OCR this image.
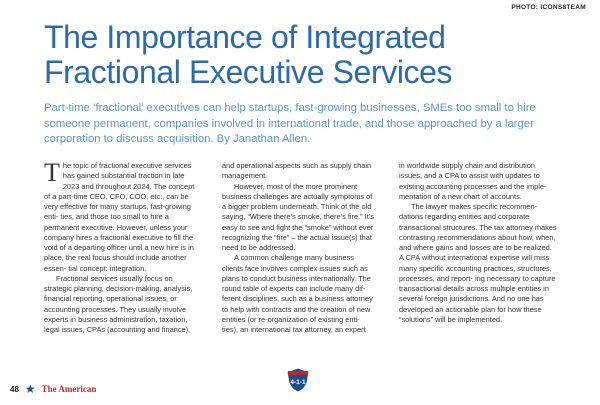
PHOTO: ICONS8TEAM
The Importance of Integrated Fractional Executive Services

Part-time ‘fractional’ executives can help startups, fast-growing businesses, SMEs too small to hire someone permanent, companies involved in international trade, and those approached by a larger corporation to discuss acquisition. By Janathan Allen.

The topic of fractional executive services has gained substantial traction in late 2023 and throughout 2024. The concept of a part-time CEO, CFO, COO, etc., can be very effective for many startups, fast-growing enti- ties, and those too small to hire a permanent executive. However, unless your company hires a fractional executive to fill the void of a departing officer until a new hire is in place, the real focus should include another essen- tial concept: integration.

Fractional services usually focus on strategic planning, decision-making, analysis, financial reporting, operational issues, or accounting processes. They usually involve experts in business administration, taxation, legal issues, CPAs (accounting and finance),

and operational aspects such as supply chain management.

However, most of the more prominent business challenges are actually symptoms of a bigger problem underneath. Think of the old saying, “Where there’s smoke, there’s fire.” It’s easy to see and fight the “smoke” without ever recognizing the “fire” – the actual issue(s) that need to be addressed.

A common challenge many business clients face involves complex issues such as plans to conduct business internationally. The round table of experts can include many dif- ferent disciplines, such as a business attorney to help with contracts and the creation of new entities (or re-organization of existing enti- ties), an international tax attorney, an expert

in worldwide supply chain and distribution issues, and a CPA to assist with updates to existing accounting processes and the imple- mentation of a new chart of accounts.

The lawyer makes specific recommen- dations regarding entities and corporate transactional structures. The tax attorney makes contrasting recommendations about how, when, and where gains and losses are to be realized. A CPA without international expertise will miss many specific accounting practices, structures, processes, and report- ing necessary to capture transactional details across multiple entities in several foreign jurisdictions. And no one has developed an actionable plan for how these “solutions” will be implemented.

48 ★ The American
4-1-1
